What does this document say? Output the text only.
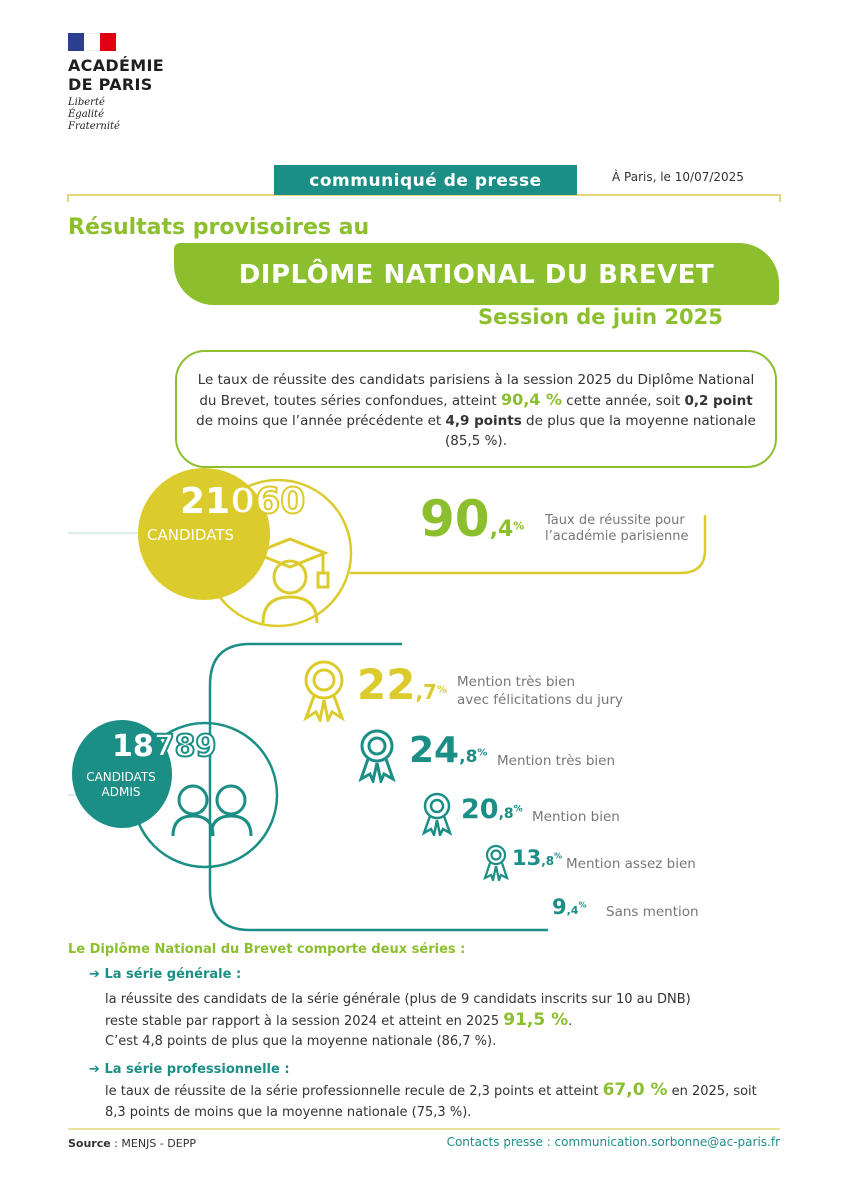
ACADÉMIE
DE PARIS
Liberté
Égalité
Fraternité
communiqué de presse	À Paris, le 10/07/2025
Résultats provisoires au
DIPLÔME NATIONAL DU BREVET
Session de juin 2025

Le taux de réussite des candidats parisiens à la session 2025 du Diplôme National du Brevet, toutes séries confondues, atteint 90,4 % cette année, soit 0,2 point de moins que l’année précédente et 4,9 points de plus que la moyenne nationale (85,5 %).

21060
CANDIDATS	90,4% Taux de réussite pour
l’académie parisienne
18789
CANDIDATS
ADMIS
22,7%
Mention très bien
avec félicitations du jury
24,8% Mention très bien
20,8% Mention bien
13,8% Mention assez bien
9,4% Sans mention
Le Diplôme National du Brevet comporte deux séries :
➔ La série générale :
la réussite des candidats de la série générale (plus de 9 candidats inscrits sur 10 au DNB)
reste stable par rapport à la session 2024 et atteint en 2025 91,5 %.
C’est 4,8 points de plus que la moyenne nationale (86,7 %).
➔ La série professionnelle :
le taux de réussite de la série professionnelle recule de 2,3 points et atteint 67,0 % en 2025, soit
8,3 points de moins que la moyenne nationale (75,3 %).
Source : MENJS - DEPP	Contacts presse : communication.sorbonne@ac-paris.fr
